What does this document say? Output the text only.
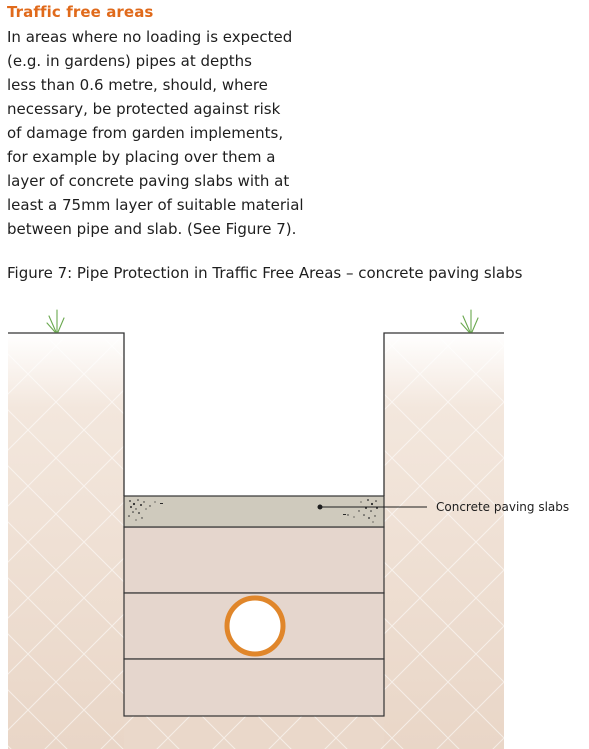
Traffic free areas

In areas where no loading is expected
(e.g. in gardens) pipes at depths
less than 0.6 metre, should, where
necessary, be protected against risk
of damage from garden implements,
for example by placing over them a
layer of concrete paving slabs with at
least a 75mm layer of suitable material
between pipe and slab. (See Figure 7).

Figure 7: Pipe Protection in Traffic Free Areas – concrete paving slabs

Concrete paving slabs
